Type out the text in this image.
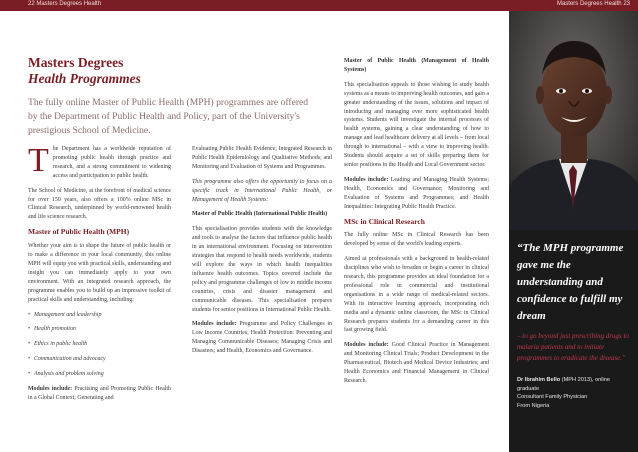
22 Masters Degrees Health	Masters Degrees Health 23
Masters Degrees
Health Programmes
The fully online Master of Public Health (MPH) programmes are offered by the Department of Public Health and Policy, part of the University's prestigious School of Medicine.

The Department has a worldwide reputation of promoting public health through practice and research, and a strong commitment to widening access and participation to public health.

The School of Medicine, at the forefront of medical science for over 150 years, also offers a 100% online MSc in Clinical Research, underpinned by world-renowned health and life science research.

Master of Public Health (MPH)

Whether your aim is to shape the future of public health or to make a difference in your local community, this online MPH will equip you with practical skills, understanding and insight you can immediately apply to your own environment. With an integrated research approach, the programme enables you to build up an impressive toolkit of practical skills and understanding, including:

• Management and leadership
• Health promotion
• Ethics in public health
• Communication and advocacy
• Analysis and problem solving

Modules include: Practising and Promoting Public Health in a Global Context; Generating and

Evaluating Public Health Evidence; Integrated Research in Public Health Epidemiology and Qualitative Methods; and Monitoring and Evaluation of Systems and Programmes.

This programme also offers the opportunity to focus on a specific track in International Public Health, or Management of Health Systems:

Master of Public Health (International Public Health)

This specialisation provides students with the knowledge and tools to analyse the factors that influence public health in an international environment. Focusing on intervention strategies that respond to health needs worldwide, students will explore the ways in which health inequalities influence health outcomes. Topics covered include the policy and programme challenges of low to middle income countries, crisis and disaster management and communicable diseases. This specialisation prepares students for senior positions in International Public Health.

Modules include: Programme and Policy Challenges in Low Income Countries; Health Protection: Preventing and Managing Communicable Diseases; Managing Crisis and Disasters; and Health, Economics and Governance.

Master of Public Health (Management of Health Systems)

This specialisation appeals to those wishing to study health systems as a means to improving health outcomes, and gain a greater understanding of the issues, solutions and impact of introducing and managing ever more sophisticated health systems. Students will investigate the internal processes of health systems, gaining a clear understanding of how to manage and lead healthcare delivery at all levels – from local through to international – with a view to improving health. Students should acquire a set of skills preparing them for senior positions in the Health and Local Government sector.

Modules include: Leading and Managing Health Systems; Health, Economics and Governance; Monitoring and Evaluation of Systems and Programmes; and Health Inequalities: Integrating Public Health Practice.

MSc in Clinical Research

The fully online MSc in Clinical Research has been developed by some of the world's leading experts.

Aimed at professionals with a background in health-related disciplines who wish to broaden or begin a career in clinical research, this programme provides an ideal foundation for a professional role in commercial and institutional organisations in a wide range of medical-related sectors. With its interactive learning approach, incorporating rich media and a dynamic online classroom, the MSc in Clinical Research prepares students for a demanding career in this fast growing field.

Modules include: Good Clinical Practice in Management and Monitoring Clinical Trials; Product Development in the Pharmaceutical, Biotech and Medical Device Industries; and Health Economics and Financial Management in Clinical Research.

“The MPH programme gave me the understanding and confidence to fulfill my dream
– to go beyond just prescribing drugs to malaria patients and to initiate programmes to eradicate the disease.”
Dr Ibrahim Bello (MPH 2013), online graduate
Consultant Family Physician
From Nigeria
